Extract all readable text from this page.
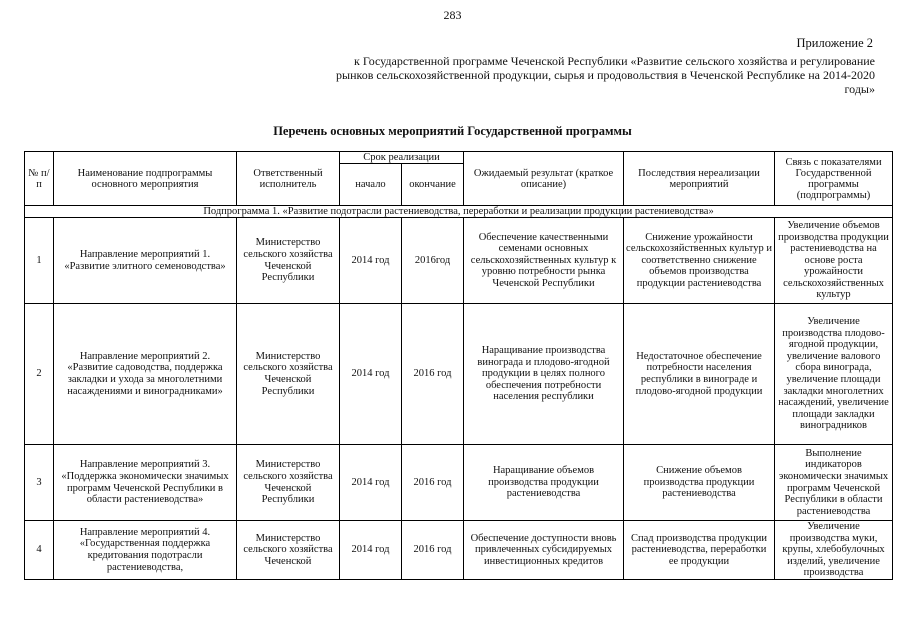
283
Приложение 2
к Государственной программе Чеченской Республики «Развитие сельского хозяйства и регулирование рынков сельскохозяйственной продукции, сырья и продовольствия в Чеченской Республике на 2014-2020 годы»
Перечень основных мероприятий Государственной программы
№ п/п	Наименование подпрограммы основного мероприятия	Ответственный исполнитель	Срок реализации		Ожидаемый результат (краткое описание)	Последствия нереализации мероприятий	Связь с показателями Государственной программы (подпрограммы)
			начало	окончание			
Подпрограмма 1. «Развитие подотрасли растениеводства, переработки и реализации продукции растениеводства»							
1	Направление мероприятий 1. «Развитие элитного семеноводства»	Министерство сельского хозяйства Чеченской Республики	2014 год	2016год	Обеспечение качественными семенами основных сельскохозяйственных культур к уровню потребности рынка Чеченской Республики	Снижение урожайности сельскохозяйственных культур и соответственно снижение объемов производства продукции растениеводства	Увеличение объемов производства продукции растениеводства на основе роста урожайности сельскохозяйственных культур
2	Направление мероприятий 2. «Развитие садоводства, поддержка закладки и ухода за многолетними насаждениями и виноградниками»	Министерство сельского хозяйства Чеченской Республики	2014 год	2016 год	Наращивание производства винограда и плодово-ягодной продукции в целях полного обеспечения потребности населения республики	Недостаточное обеспечение потребности населения республики в винограде и плодово-ягодной продукции	Увеличение производства плодово-ягодной продукции, увеличение валового сбора винограда, увеличение площади закладки многолетних насаждений, увеличение площади закладки виноградников
3	Направление мероприятий 3. «Поддержка экономически значимых программ Чеченской Республики в области растениеводства»	Министерство сельского хозяйства Чеченской Республики	2014 год	2016 год	Наращивание объемов производства продукции растениеводства	Снижение объемов производства продукции растениеводства	Выполнение индикаторов экономически значимых программ Чеченской Республики в области растениеводства
4	Направление мероприятий 4. «Государственная поддержка кредитования подотрасли растениеводства,	Министерство сельского хозяйства Чеченской	2014 год	2016 год	Обеспечение доступности вновь привлеченных субсидируемых инвестиционных кредитов	Спад производства продукции растениеводства, переработки ее продукции	Увеличение производства муки, крупы, хлебобулочных изделий, увеличение производства
